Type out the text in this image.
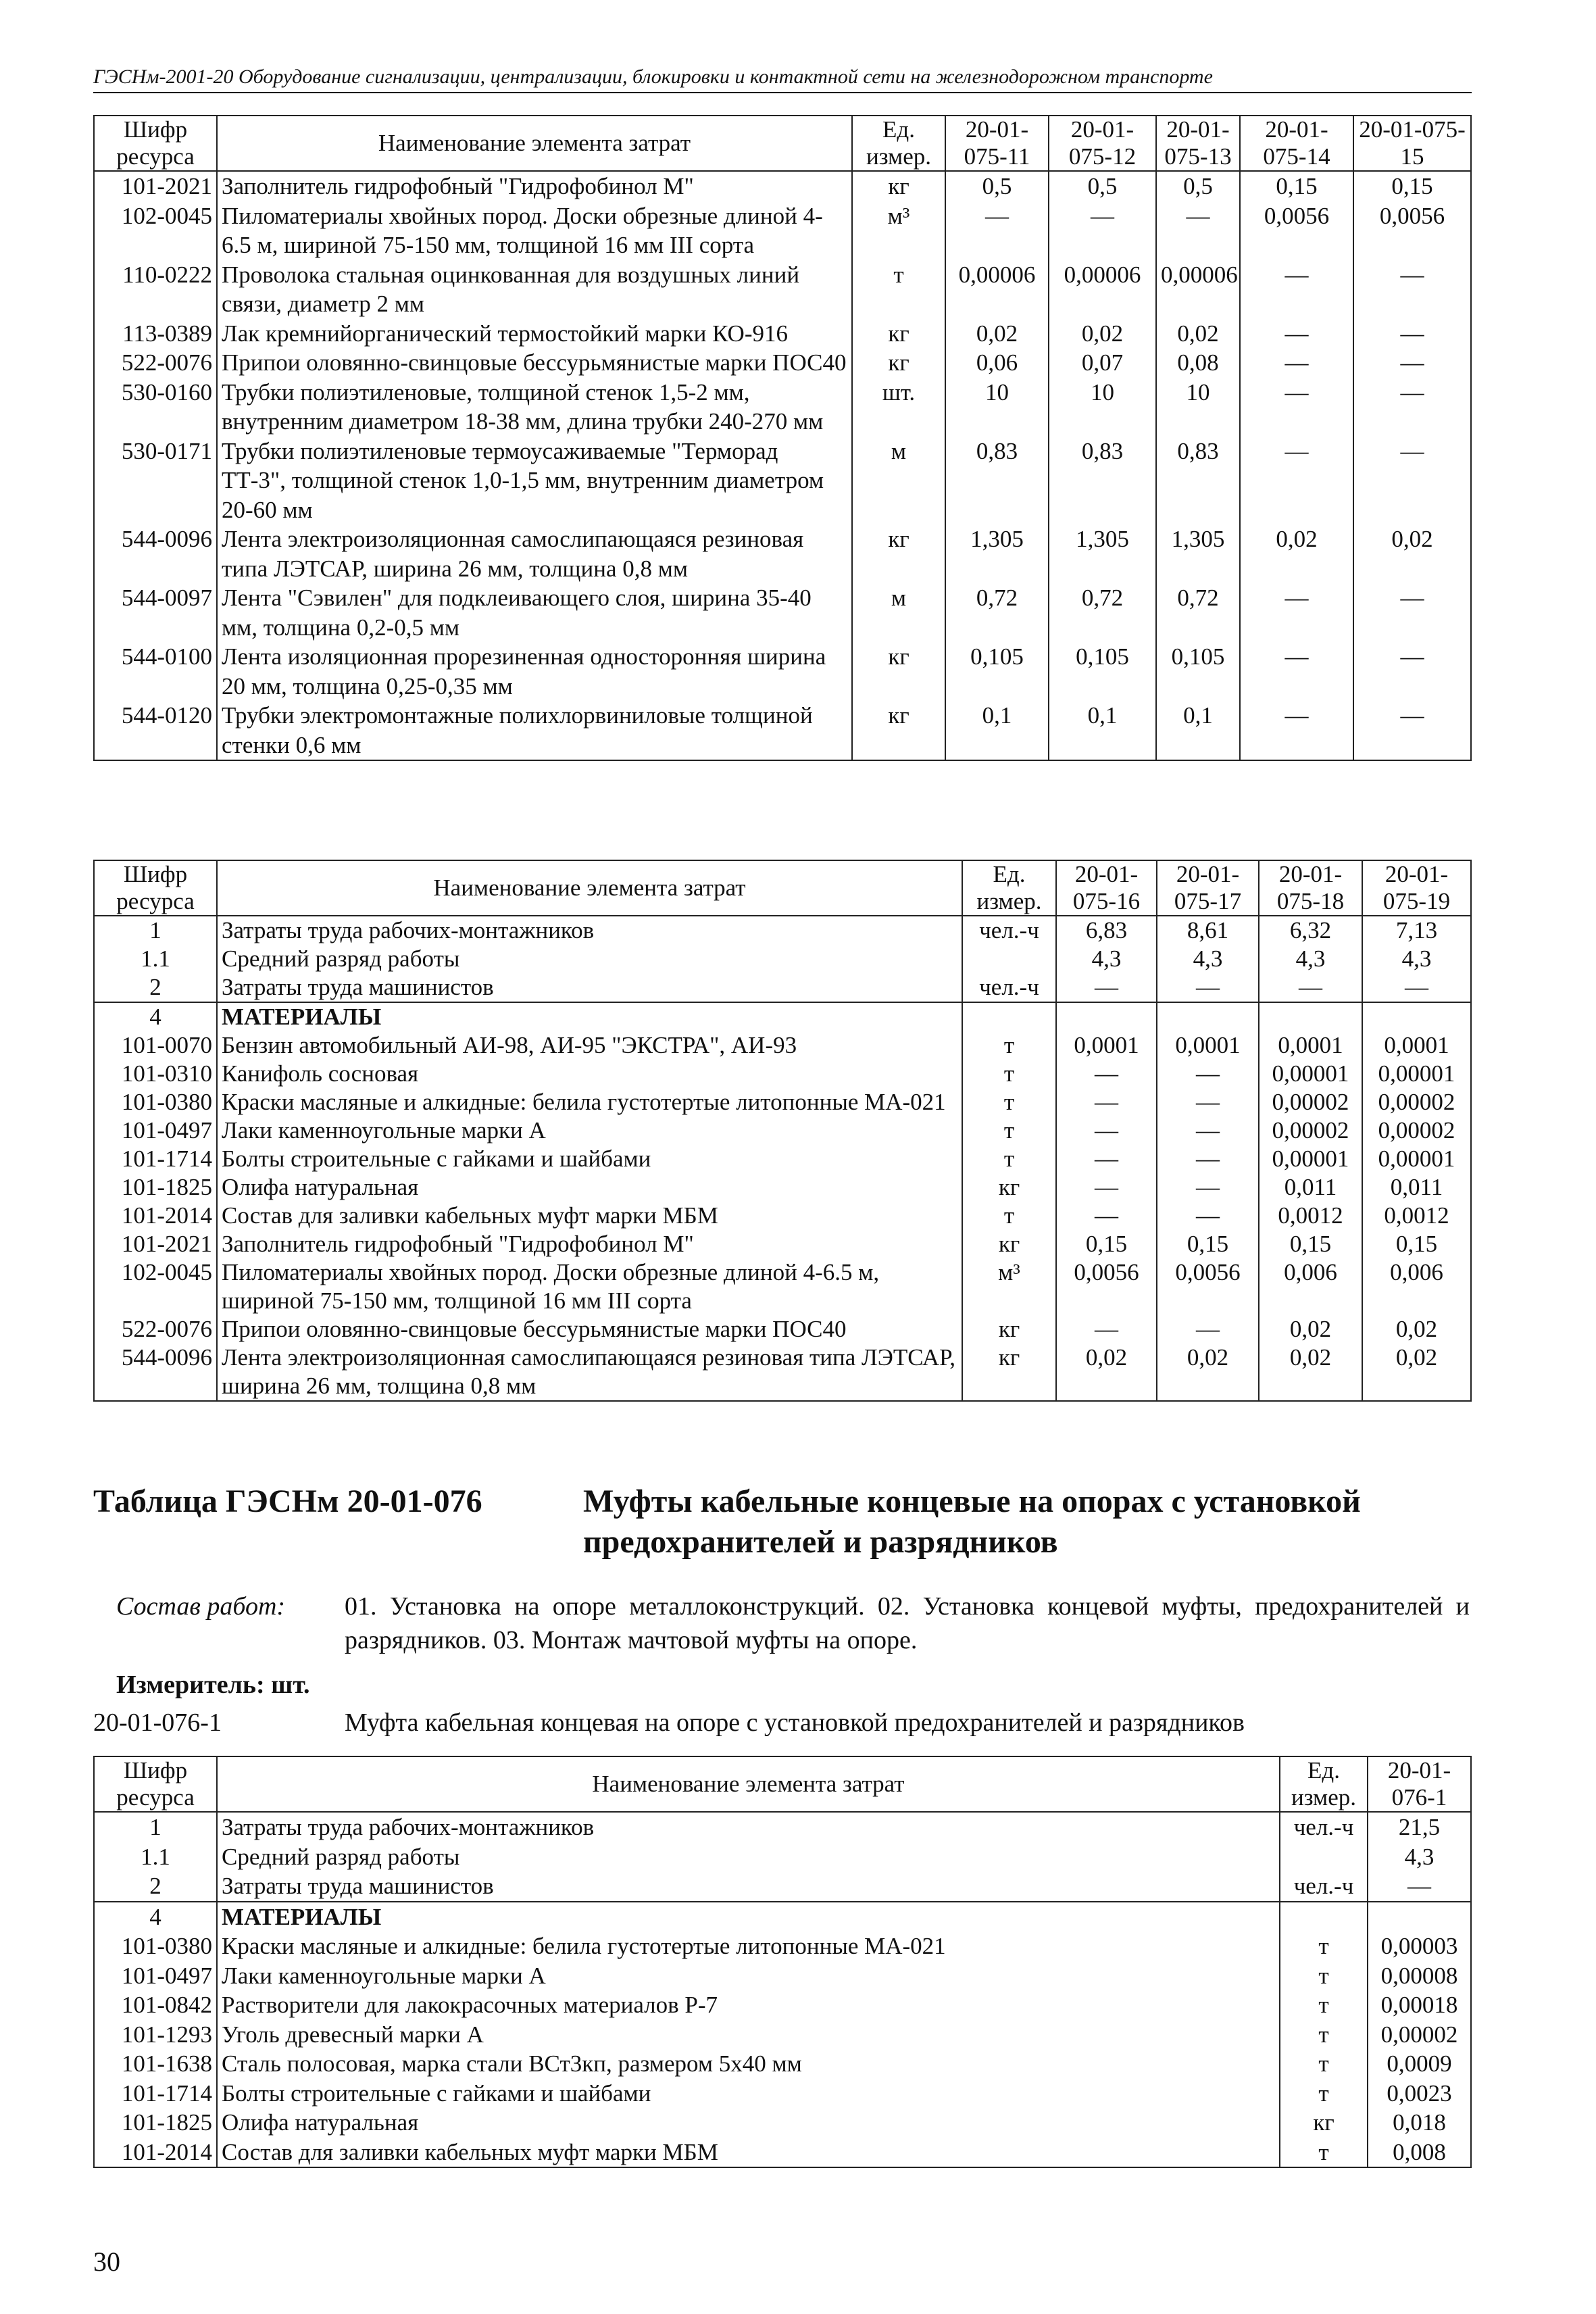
ГЭСНм-2001-20 Оборудование сигнализации, централизации, блокировки и контактной сети на железнодорожном транспорте
Шифр ресурса	Наименование элемента затрат	Ед. измер.	20-01-075-11	20-01-075-12	20-01-075-13	20-01-075-14	20-01-075-15
101-2021	Заполнитель гидрофобный "Гидрофобинол М"	кг	0,5	0,5	0,5	0,15	0,15
102-0045	Пиломатериалы хвойных пород. Доски обрезные длиной 4-6.5 м, шириной 75-150 мм, толщиной 16 мм III сорта	м³	—	—	—	0,0056	0,0056
110-0222	Проволока стальная оцинкованная для воздушных линий связи, диаметр 2 мм	т	0,00006	0,00006	0,00006	—	—
113-0389	Лак кремнийорганический термостойкий марки КО-916	кг	0,02	0,02	0,02	—	—
522-0076	Припои оловянно-свинцовые бессурьмянистые марки ПОС40	кг	0,06	0,07	0,08	—	—
530-0160	Трубки полиэтиленовые, толщиной стенок 1,5-2 мм, внутренним диаметром 18-38 мм, длина трубки 240-270 мм	шт.	10	10	10	—	—
530-0171	Трубки полиэтиленовые термоусаживаемые "Терморад ТТ-3", толщиной стенок 1,0-1,5 мм, внутренним диаметром 20-60 мм	м	0,83	0,83	0,83	—	—
544-0096	Лента электроизоляционная самослипающаяся резиновая типа ЛЭТСАР, ширина 26 мм, толщина 0,8 мм	кг	1,305	1,305	1,305	0,02	0,02
544-0097	Лента "Сэвилен" для подклеивающего слоя, ширина 35-40 мм, толщина 0,2-0,5 мм	м	0,72	0,72	0,72	—	—
544-0100	Лента изоляционная прорезиненная односторонняя ширина 20 мм, толщина 0,25-0,35 мм	кг	0,105	0,105	0,105	—	—
544-0120	Трубки электромонтажные полихлорвиниловые толщиной стенки 0,6 мм	кг	0,1	0,1	0,1	—	—
Шифр ресурса	Наименование элемента затрат	Ед. измер.	20-01-075-16	20-01-075-17	20-01-075-18	20-01-075-19
1	Затраты труда рабочих-монтажников	чел.-ч	6,83	8,61	6,32	7,13
1.1	Средний разряд работы		4,3	4,3	4,3	4,3
2	Затраты труда машинистов	чел.-ч	—	—	—	—
4	МАТЕРИАЛЫ					
101-0070	Бензин автомобильный АИ-98, АИ-95 "ЭКСТРА", АИ-93	т	0,0001	0,0001	0,0001	0,0001
101-0310	Канифоль сосновая	т	—	—	0,00001	0,00001
101-0380	Краски масляные и алкидные: белила густотертые литопонные МА-021	т	—	—	0,00002	0,00002
101-0497	Лаки каменноугольные марки А	т	—	—	0,00002	0,00002
101-1714	Болты строительные с гайками и шайбами	т	—	—	0,00001	0,00001
101-1825	Олифа натуральная	кг	—	—	0,011	0,011
101-2014	Состав для заливки кабельных муфт марки МБМ	т	—	—	0,0012	0,0012
101-2021	Заполнитель гидрофобный "Гидрофобинол М"	кг	0,15	0,15	0,15	0,15
102-0045	Пиломатериалы хвойных пород. Доски обрезные длиной 4-6.5 м, шириной 75-150 мм, толщиной 16 мм III сорта	м³	0,0056	0,0056	0,006	0,006
522-0076	Припои оловянно-свинцовые бессурьмянистые марки ПОС40	кг	—	—	0,02	0,02
544-0096	Лента электроизоляционная самослипающаяся резиновая типа ЛЭТСАР, ширина 26 мм, толщина 0,8 мм	кг	0,02	0,02	0,02	0,02
Таблица ГЭСНм 20-01-076	Муфты кабельные концевые на опорах с установкой предохранителей и разрядников
Состав работ: 01. Установка на опоре металлоконструкций. 02. Установка концевой муфты, предохранителей и разрядников. 03. Монтаж мачтовой муфты на опоре.
Измеритель: шт.
20-01-076-1	Муфта кабельная концевая на опоре с установкой предохранителей и разрядников
Шифр ресурса	Наименование элемента затрат	Ед. измер.	20-01-076-1
1	Затраты труда рабочих-монтажников	чел.-ч	21,5
1.1	Средний разряд работы		4,3
2	Затраты труда машинистов	чел.-ч	—
4	МАТЕРИАЛЫ		
101-0380	Краски масляные и алкидные: белила густотертые литопонные МА-021	т	0,00003
101-0497	Лаки каменноугольные марки А	т	0,00008
101-0842	Растворители для лакокрасочных материалов Р-7	т	0,00018
101-1293	Уголь древесный марки А	т	0,00002
101-1638	Сталь полосовая, марка стали ВСт3кп, размером 5х40 мм	т	0,0009
101-1714	Болты строительные с гайками и шайбами	т	0,0023
101-1825	Олифа натуральная	кг	0,018
101-2014	Состав для заливки кабельных муфт марки МБМ	т	0,008
30
